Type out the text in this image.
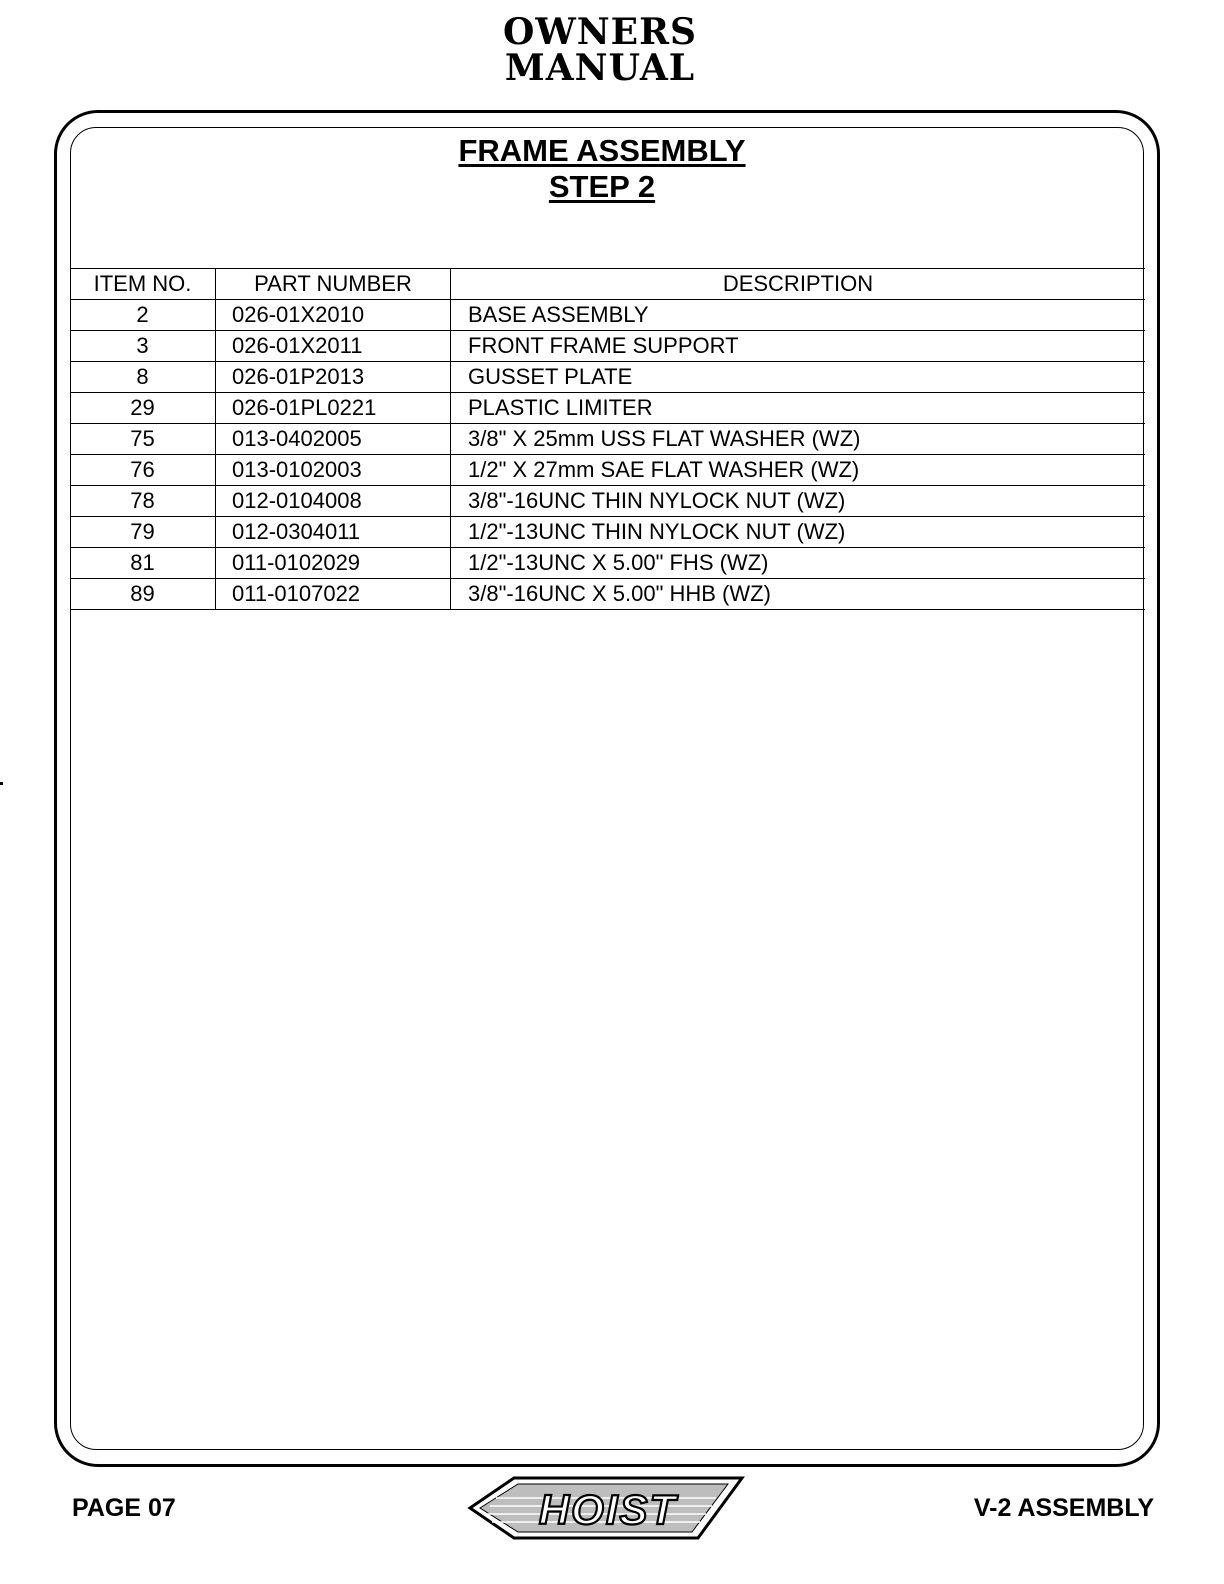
OWNERS
MANUAL
FRAME ASSEMBLY
STEP 2
ITEM NO.	PART NUMBER	DESCRIPTION
2	026-01X2010	BASE ASSEMBLY
3	026-01X2011	FRONT FRAME SUPPORT
8	026-01P2013	GUSSET PLATE
29	026-01PL0221	PLASTIC LIMITER
75	013-0402005	3/8" X 25mm USS FLAT WASHER (WZ)
76	013-0102003	1/2" X 27mm SAE FLAT WASHER (WZ)
78	012-0104008	3/8"-16UNC THIN NYLOCK NUT (WZ)
79	012-0304011	1/2"-13UNC THIN NYLOCK NUT (WZ)
81	011-0102029	1/2"-13UNC X 5.00" FHS (WZ)
89	011-0107022	3/8"-16UNC X 5.00" HHB (WZ)
PAGE 07	HOIST	V-2 ASSEMBLY
